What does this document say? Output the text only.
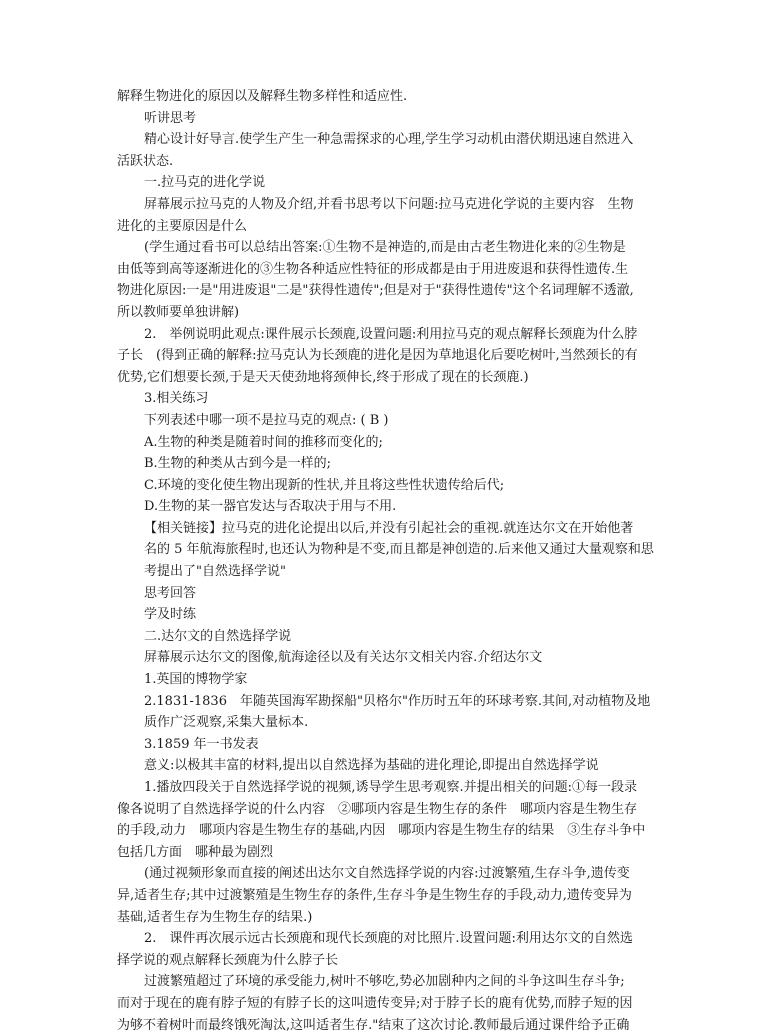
解释生物进化的原因以及解释生物多样性和适应性.

听讲思考

精心设计好导言.使学生产生一种急需探求的心理,学生学习动机由潜伏期迅速自然进入

活跃状态.

一.拉马克的进化学说

屏幕展示拉马克的人物及介绍,并看书思考以下问题:拉马克进化学说的主要内容　生物

进化的主要原因是什么

(学生通过看书可以总结出答案:①生物不是神造的,而是由古老生物进化来的②生物是

由低等到高等逐渐进化的③生物各种适应性特征的形成都是由于用进废退和获得性遗传.生

物进化原因:一是"用进废退"二是"获得性遗传";但是对于"获得性遗传"这个名词理解不透澈,

所以教师要单独讲解)

2.　举例说明此观点:课件展示长颈鹿,设置问题:利用拉马克的观点解释长颈鹿为什么脖

子长　(得到正确的解释:拉马克认为长颈鹿的进化是因为草地退化后要吃树叶,当然颈长的有

优势,它们想要长颈,于是天天使劲地将颈伸长,终于形成了现在的长颈鹿.)

3.相关练习

下列表述中哪一项不是拉马克的观点: ( B )

A.生物的种类是随着时间的推移而变化的;

B.生物的种类从古到今是一样的;

C.环境的变化使生物出现新的性状,并且将这些性状遗传给后代;

D.生物的某一器官发达与否取决于用与不用.

【相关链接】拉马克的进化论提出以后,并没有引起社会的重视.就连达尔文在开始他著

名的 5 年航海旅程时,也还认为物种是不变,而且都是神创造的.后来他又通过大量观察和思

考提出了"自然选择学说"

思考回答

学及时练

二.达尔文的自然选择学说

屏幕展示达尔文的图像,航海途径以及有关达尔文相关内容.介绍达尔文

1.英国的博物学家

2.1831-1836　年随英国海军勘探船"贝格尔"作历时五年的环球考察.其间,对动植物及地

质作广泛观察,采集大量标本.

3.1859 年一书发表

意义:以极其丰富的材料,提出以自然选择为基础的进化理论,即提出自然选择学说

1.播放四段关于自然选择学说的视频,诱导学生思考观察.并提出相关的问题:①每一段录

像各说明了自然选择学说的什么内容　②哪项内容是生物生存的条件　哪项内容是生物生存

的手段,动力　哪项内容是生物生存的基础,内因　哪项内容是生物生存的结果　③生存斗争中

包括几方面　哪种最为剧烈

(通过视频形象而直接的阐述出达尔文自然选择学说的内容:过渡繁殖,生存斗争,遗传变

异,适者生存;其中过渡繁殖是生物生存的条件,生存斗争是生物生存的手段,动力,遗传变异为

基础,适者生存为生物生存的结果.)

2.　课件再次展示远古长颈鹿和现代长颈鹿的对比照片.设置问题:利用达尔文的自然选

择学说的观点解释长颈鹿为什么脖子长

过渡繁殖超过了环境的承受能力,树叶不够吃,势必加剧种内之间的斗争这叫生存斗争;

而对于现在的鹿有脖子短的有脖子长的这叫遗传变异;对于脖子长的鹿有优势,而脖子短的因

为够不着树叶而最终饿死淘汰,这叫适者生存."结束了这次讨论.教师最后通过课件给予正确
